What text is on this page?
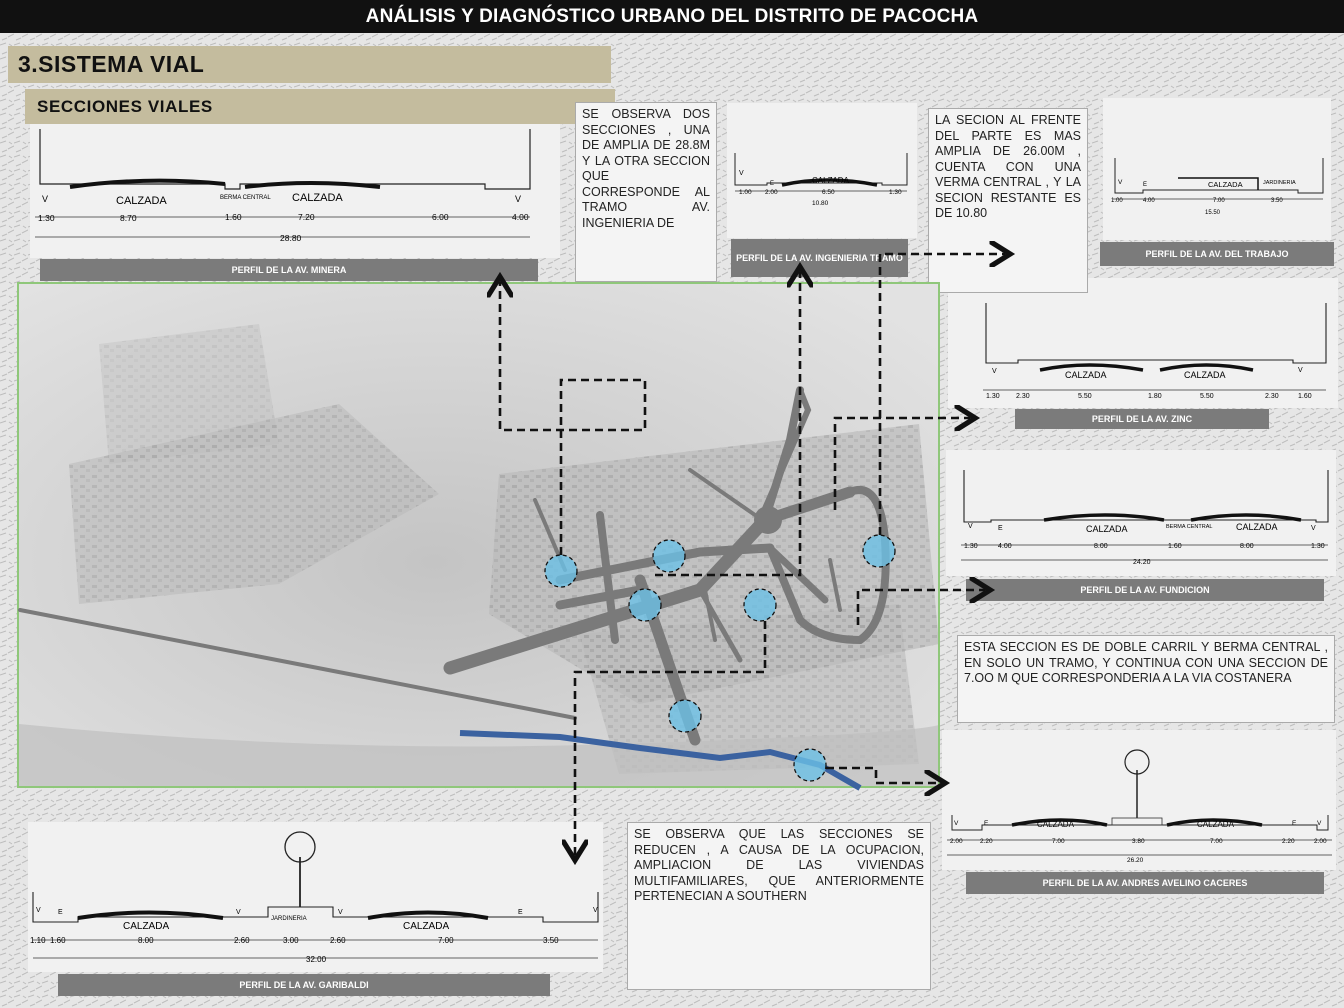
ANÁLISIS Y DIAGNÓSTICO URBANO DEL DISTRITO DE PACOCHA
3.SISTEMA VIAL
SECCIONES VIALES
V	V
CALZADA	CALZADA
BERMA CENTRAL
1.30	8.70	1.60	7.20	6.00	4.00
28.80
PERFIL DE LA AV. MINERA
CALZADA
V
E
1.00 2.00	6.50	1.30
10.80
PERFIL DE LA AV. INGENIERIA TRAMO
CALZADA	JARDINERIA
V	E
1.00	4.00	7.00	3.50
15.50
PERFIL DE LA AV. DEL TRABAJO
CALZADA	CALZADA
V	V
1.30 2.30	5.50	1.80	5.50	2.30	1.60
PERFIL DE LA AV. ZINC
CALZADA	CALZADA
BERMA CENTRAL
V	E	V
1.30	4.00	8.00	1.60	8.00	1.30
24.20
PERFIL DE LA AV. FUNDICION
CALZADA	CALZADA
V	E	E	V
2.00	2.20	7.00	3.80	7.00	2.20	2.00
26.20
PERFIL DE LA AV. ANDRES AVELINO CACERES
CALZADA	CALZADA
JARDINERIA
V E	V	V	E	V
1.10 1.60	8.00	2.60	3.00	2.60	7.00	3.50
32.00
PERFIL DE LA AV. GARIBALDI
SE OBSERVA DOS SECCIONES , UNA DE AMPLIA DE 28.8M Y LA OTRA SECCION QUE CORRESPONDE AL TRAMO AV. INGENIERIA DE
LA SECION AL FRENTE DEL PARTE ES MAS AMPLIA DE 26.00M , CUENTA CON UNA VERMA CENTRAL , Y LA SECION RESTANTE ES DE 10.80
ESTA SECCION ES DE DOBLE CARRIL Y BERMA CENTRAL , EN SOLO UN TRAMO, Y CONTINUA CON UNA SECCION DE 7.OO M QUE CORRESPONDERIA A LA VIA COSTANERA
SE OBSERVA QUE LAS SECCIONES SE REDUCEN , A CAUSA DE LA OCUPACION, AMPLIACION DE LAS VIVIENDAS MULTIFAMILIARES, QUE ANTERIORMENTE PERTENECIAN A SOUTHERN
